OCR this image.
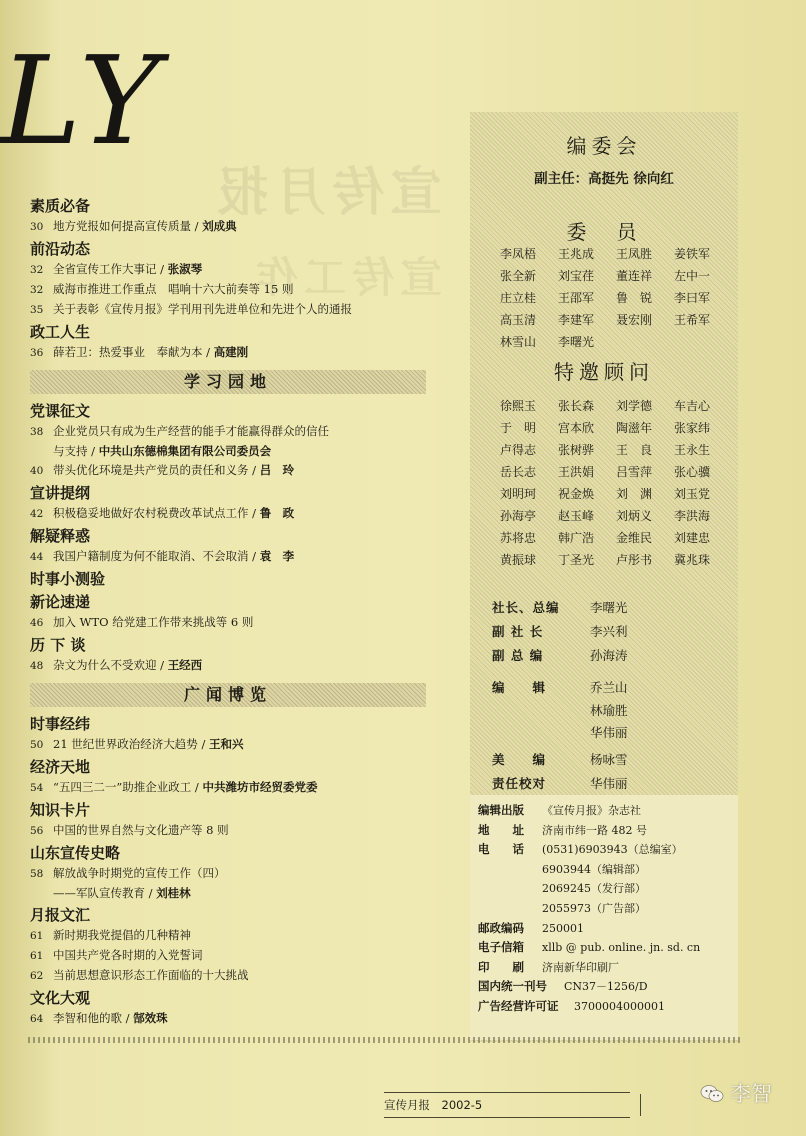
LY
宣传月报
宣传工作
素质必备
30 地方党报如何提高宣传质量 / 刘成典
前沿动态
32 全省宣传工作大事记 / 张淑琴
32 威海市推进工作重点　唱响十六大前奏等 15 则
35 关于表彰《宣传月报》学刊用刊先进单位和先进个人的通报
政工人生
36 薛若卫：热爱事业　奉献为本 / 高建刚
学习园地
党课征文
38 企业党员只有成为生产经营的能手才能赢得群众的信任
与支持 / 中共山东德棉集团有限公司委员会
40 带头优化环境是共产党员的责任和义务 / 吕　玲
宣讲提纲
42 积极稳妥地做好农村税费改革试点工作 / 鲁　政
解疑释惑
44 我国户籍制度为何不能取消、不会取消 / 袁　李
时事小测验
新论速递
46 加入 WTO 给党建工作带来挑战等 6 则
历 下 谈
48 杂文为什么不受欢迎 / 王经西
广闻博览
时事经纬
50 21 世纪世界政治经济大趋势 / 王和兴
经济天地
54 “五四三二一”助推企业政工 / 中共潍坊市经贸委党委
知识卡片
56 中国的世界自然与文化遗产等 8 则
山东宣传史略
58 解放战争时期党的宣传工作（四）
——军队宣传教育 / 刘桂林
月报文汇
61 新时期我党提倡的几种精神
61 中国共产党各时期的入党誓词
62 当前思想意识形态工作面临的十大挑战
文化大观
64 李智和他的歌 / 郜效珠
编委会
副主任：高挺先 徐向红
委　员
李凤梧	王兆成	王凤胜	姜铁军
张全新	刘宝荏	董连祥	左中一
庄立桂	王邵军	鲁　锐	李曰军
高玉清	李建军	聂宏刚	王希军
林雪山	李曙光
特邀顾问
徐熙玉	张长森	刘学德	车吉心
于　明	宫本欣	陶滋年	张家纬
卢得志	张树骅	王　良	王永生
岳长志	王洪娟	吕雪萍	张心骥
刘明珂	祝金焕	刘　渊	刘玉党
孙海亭	赵玉峰	刘炳义	李洪海
苏将忠	韩广浩	金维民	刘建忠
黄振球	丁圣光	卢彤书	冀兆珠
社长、总编	李曙光
副 社 长	李兴利
副 总 编	孙海涛
编　　辑	乔兰山
林瑜胜
华伟丽
美　　编	杨咏雪
责任校对	华伟丽
编辑出版	《宣传月报》杂志社
地　　址	济南市纬一路 482 号
电　　话	(0531)6903943（总编室）
6903944（编辑部）
2069245（发行部）
2055973（广告部）
邮政编码	250001
电子信箱	xllb @ pub. online. jn. sd. cn
印　　刷	济南新华印刷厂
国内统一刊号	CN37－1256/D
广告经营许可证	3700004000001
宣传月报　2002-5	李智
